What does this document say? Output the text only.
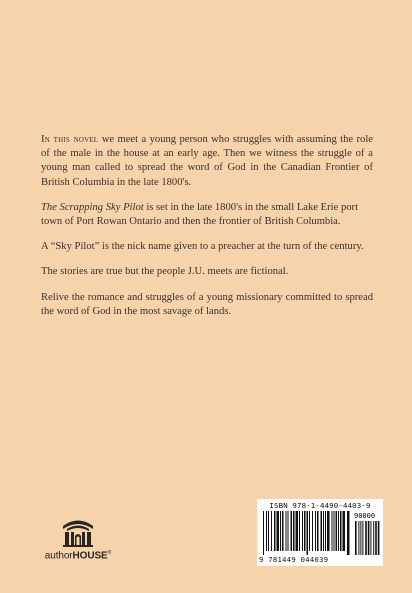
In this novel we meet a young person who struggles with assuming the role of the male in the house at an early age. Then we witness the struggle of a young man called to spread the word of God in the Canadian Frontier of British Columbia in the late 1800's.

The Scrapping Sky Pilot is set in the late 1800's in the small Lake Erie port town of Port Rowan Ontario and then the frontier of British Columbia.

A “Sky Pilot” is the nick name given to a preacher at the turn of the century.

The stories are true but the people J.U. meets are fictional.

Relive the romance and struggles of a young missionary committed to spread the word of God in the most savage of lands.

authorHOUSE®
ISBN 978-1-4490-4403-9
90000
9 781449 044039
